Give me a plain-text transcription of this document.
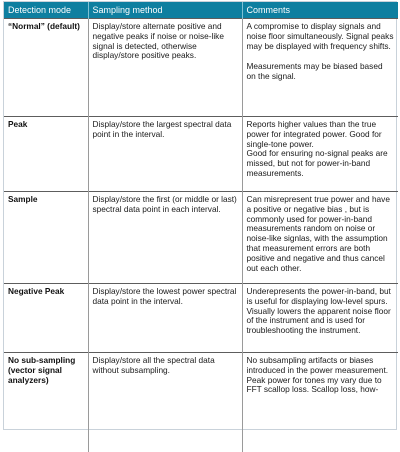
Detection mode	Sampling method	Comments
“Normal” (default)	Display/store alternate positive and negative peaks if noise or noise-like signal is detected, otherwise display/store positive peaks.	A compromise to display signals and noise floor simultaneously. Signal peaks may be displayed with frequency shifts.
Measurements may be biased based on the signal.

Peak	Display/store the largest spectral data point in the interval.	Reports higher values than the true power for integrated power. Good for single-tone power.
Good for ensuring no-signal peaks are missed, but not for power-in-band measurements.

Sample	Display/store the first (or middle or last) spectral data point in each interval.	Can misrepresent true power and have a positive or negative bias , but is commonly used for power-in-band measurements random on noise or noise-like signlas, with the assumption that measurement errors are both positive and negative and thus cancel out each other.

Negative Peak	Display/store the lowest power spectral data point in the interval.	Underepresents the power-in-band, but is useful for displaying low-level spurs. Visually lowers the apparent noise floor of the instrument and is used for troubleshooting the instrument.

No sub-sampling (vector signal analyzers)	Display/store all the spectral data without subsampling.	No subsampling artifacts or biases introduced in the power measurement.
Peak power for tones my vary due to FFT scallop loss. Scallop loss, how-
